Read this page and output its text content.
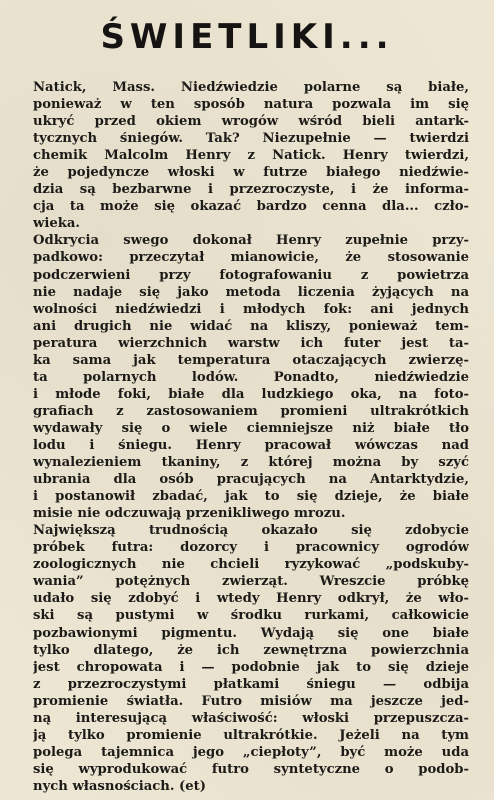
ŚWIETLIKI...

Natick, Mass. Niedźwiedzie polarne są białe,
ponieważ w ten sposób natura pozwala im się
ukryć przed okiem wrogów wśród bieli antark-
tycznych śniegów. Tak? Niezupełnie — twierdzi
chemik Malcolm Henry z Natick. Henry twierdzi,
że pojedyncze włoski w futrze białego niedźwie-
dzia są bezbarwne i przezroczyste, i że informa-
cja ta może się okazać bardzo cenna dla... czło-
wieka.

Odkrycia swego dokonał Henry zupełnie przy-
padkowo: przeczytał mianowicie, że stosowanie
podczerwieni przy fotografowaniu z powietrza
nie nadaje się jako metoda liczenia żyjących na
wolności niedźwiedzi i młodych fok: ani jednych
ani drugich nie widać na kliszy, ponieważ tem-
peratura wierzchnich warstw ich futer jest ta-
ka sama jak temperatura otaczających zwierzę-
ta polarnych lodów. Ponadto, niedźwiedzie
i młode foki, białe dla ludzkiego oka, na foto-
grafiach z zastosowaniem promieni ultrakrótkich
wydawały się o wiele ciemniejsze niż białe tło
lodu i śniegu. Henry pracował wówczas nad
wynalezieniem tkaniny, z której można by szyć
ubrania dla osób pracujących na Antarktydzie,
i postanowił zbadać, jak to się dzieje, że białe
misie nie odczuwają przenikliwego mrozu.

Największą trudnością okazało się zdobycie
próbek futra: dozorcy i pracownicy ogrodów
zoologicznych nie chcieli ryzykować „podskuby-
wania” potężnych zwierząt. Wreszcie próbkę
udało się zdobyć i wtedy Henry odkrył, że wło-
ski są pustymi w środku rurkami, całkowicie
pozbawionymi pigmentu. Wydają się one białe
tylko dlatego, że ich zewnętrzna powierzchnia
jest chropowata i — podobnie jak to się dzieje
z przezroczystymi płatkami śniegu — odbija
promienie światła. Futro misiów ma jeszcze jed-
ną interesującą właściwość: włoski przepuszcza-
ją tylko promienie ultrakrótkie. Jeżeli na tym
polega tajemnica jego „ciepłoty”, być może uda
się wyprodukować futro syntetyczne o podob-
nych własnościach. (et)
